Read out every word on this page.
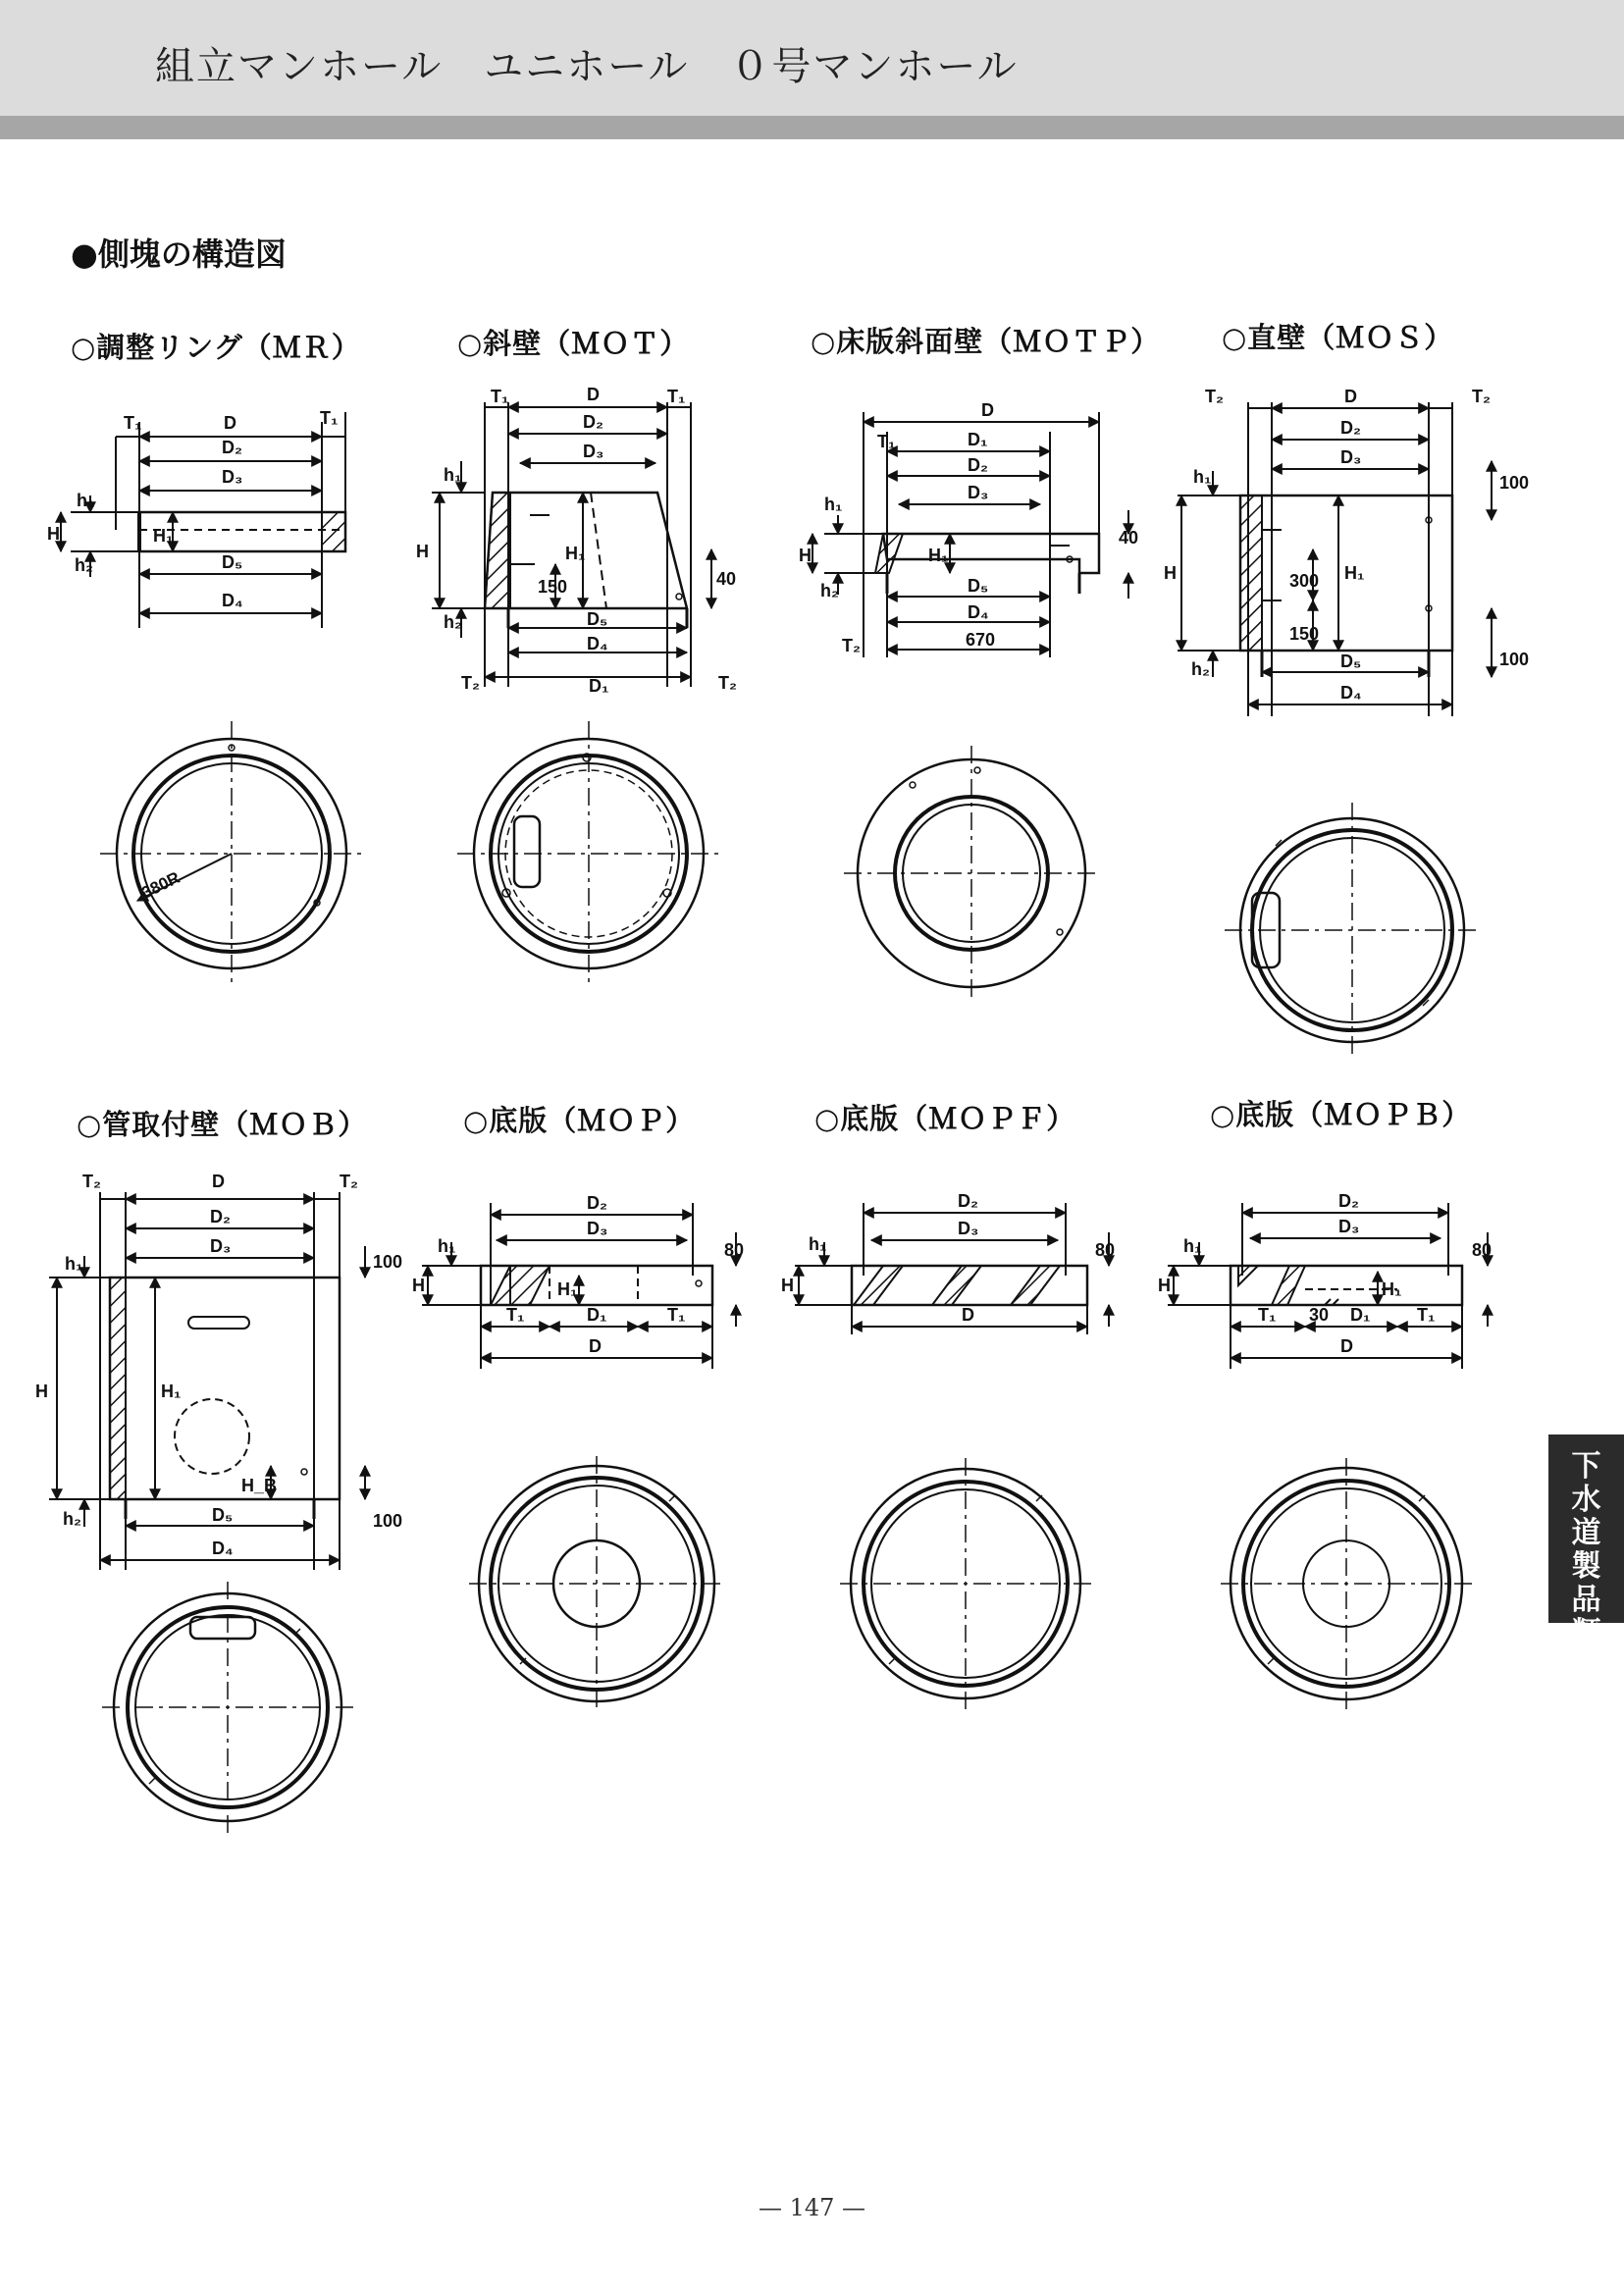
組立マンホール　ユニホール　０号マンホール
●側塊の構造図
○調整リング（ＭＲ）	○斜壁（ＭＯＴ）	○床版斜面壁（ＭＯＴＰ） ○直壁（ＭＯＳ）
○管取付壁（ＭＯＢ）	○底版（ＭＯＰ）	○底版（ＭＯＰＦ）	○底版（ＭＯＰＢ）
T₁	D	T₁
D₂
D₃
D₅
D₄
H
h₁
h₂
H₁
380R
T₁	D	T₁
D₂
D₃
D₅
D₄
D₁
T₂	T₂
H
h₁
h₂
H₁
150	40
D
T₁	D₁
D₂
D₃
D₅
D₄
670
T₂
H
h₁
h₂
H₁
40
T₂	D	T₂
D₂
D₃
D₅
D₄
H
h₁
h₂
H₁
300
150
100
100
T₂	D	T₂
D₂
D₃
D₅
D₄
H
h₁
h₂
H₁
H_B
100
100
D₂
D₃
80
H
h₁
H₁
T₁	D₁	T₁
D
D₂
D₃
80
H
h₁
D
D₂
D₃
80
H
h₁
H₁
T₁ 30 D₁	T₁
D
下
水
道
製
品
類
— 147 —
